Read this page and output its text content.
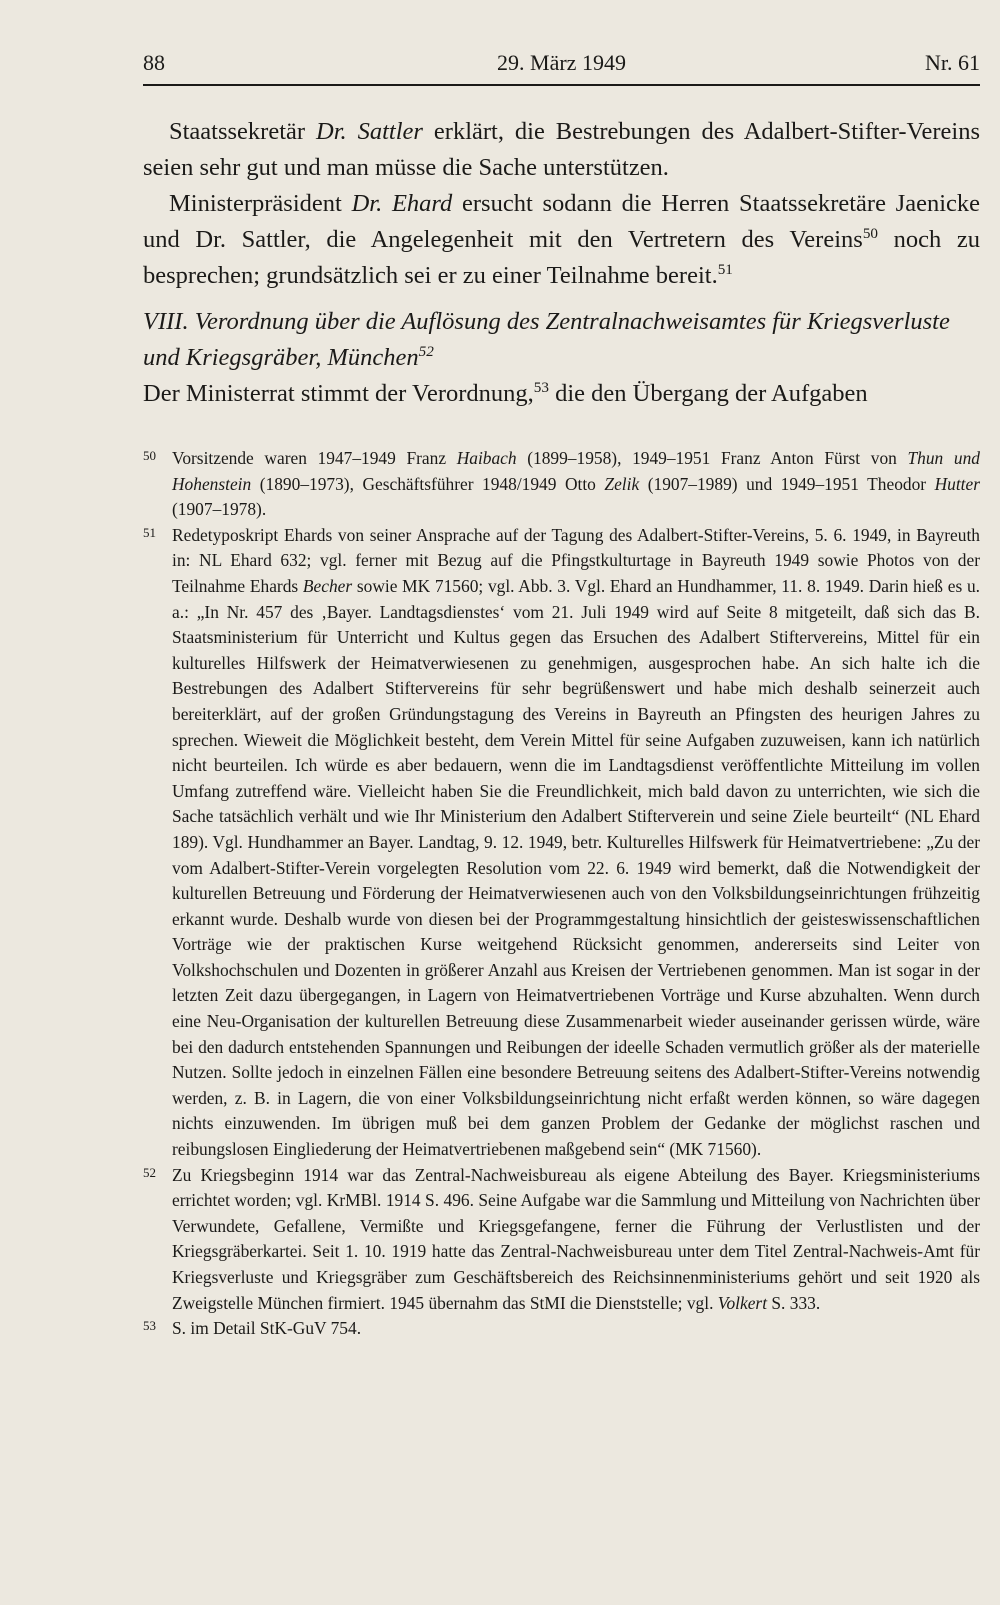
88	29. März 1949	Nr. 61

Staatssekretär Dr. Sattler erklärt, die Bestrebungen des Adalbert-Stifter-Vereins seien sehr gut und man müsse die Sache unterstützen.

Ministerpräsident Dr. Ehard ersucht sodann die Herren Staatssekretäre Jaenicke und Dr. Sattler, die Angelegenheit mit den Vertretern des Vereins$^{50}$ noch zu besprechen; grundsätzlich sei er zu einer Teilnahme bereit.$^{51}$

VIII. Verordnung über die Auflösung des Zentralnachweisamtes für Kriegsverluste und Kriegsgräber, München$^{52}$

Der Ministerrat stimmt der Verordnung,$^{53}$ die den Übergang der Aufgaben

50 Vorsitzende waren 1947–1949 Franz Haibach (1899–1958), 1949–1951 Franz Anton Fürst von Thun und Hohenstein (1890–1973), Geschäftsführer 1948/1949 Otto Zelik (1907–1989) und 1949–1951 Theodor Hutter (1907–1978).
51 Redetyposkript Ehards von seiner Ansprache auf der Tagung des Adalbert-Stifter-Vereins, 5. 6. 1949, in Bayreuth in: NL Ehard 632; vgl. ferner mit Bezug auf die Pfingstkulturtage in Bayreuth 1949 sowie Photos von der Teilnahme Ehards Becher sowie MK 71560; vgl. Abb. 3. Vgl. Ehard an Hundhammer, 11. 8. 1949. Darin hieß es u. a.: „In Nr. 457 des ‚Bayer. Landtagsdienstes‘ vom 21. Juli 1949 wird auf Seite 8 mitgeteilt, daß sich das B. Staatsministerium für Unterricht und Kultus gegen das Ersuchen des Adalbert Stiftervereins, Mittel für ein kulturelles Hilfswerk der Heimatverwiesenen zu genehmigen, ausgesprochen habe. An sich halte ich die Bestrebungen des Adalbert Stiftervereins für sehr begrüßenswert und habe mich deshalb seinerzeit auch bereiterklärt, auf der großen Gründungstagung des Vereins in Bayreuth an Pfingsten des heurigen Jahres zu sprechen. Wieweit die Möglichkeit besteht, dem Verein Mittel für seine Aufgaben zuzuweisen, kann ich natürlich nicht beurteilen. Ich würde es aber bedauern, wenn die im Landtagsdienst veröffentlichte Mitteilung im vollen Umfang zutreffend wäre. Vielleicht haben Sie die Freundlichkeit, mich bald davon zu unterrichten, wie sich die Sache tatsächlich verhält und wie Ihr Ministerium den Adalbert Stifterverein und seine Ziele beurteilt“ (NL Ehard 189). Vgl. Hundhammer an Bayer. Landtag, 9. 12. 1949, betr. Kulturelles Hilfswerk für Heimatvertriebene: „Zu der vom Adalbert-Stifter-Verein vorgelegten Resolution vom 22. 6. 1949 wird bemerkt, daß die Notwendigkeit der kulturellen Betreuung und Förderung der Heimatverwiesenen auch von den Volksbildungseinrichtungen frühzeitig erkannt wurde. Deshalb wurde von diesen bei der Programmgestaltung hinsichtlich der geisteswissenschaftlichen Vorträge wie der praktischen Kurse weitgehend Rücksicht genommen, andererseits sind Leiter von Volkshochschulen und Dozenten in größerer Anzahl aus Kreisen der Vertriebenen genommen. Man ist sogar in der letzten Zeit dazu übergegangen, in Lagern von Heimatvertriebenen Vorträge und Kurse abzuhalten. Wenn durch eine Neu-Organisation der kulturellen Betreuung diese Zusammenarbeit wieder auseinander gerissen würde, wäre bei den dadurch entstehenden Spannungen und Reibungen der ideelle Schaden vermutlich größer als der materielle Nutzen. Sollte jedoch in einzelnen Fällen eine besondere Betreuung seitens des Adalbert-Stifter-Vereins notwendig werden, z. B. in Lagern, die von einer Volksbildungseinrichtung nicht erfaßt werden können, so wäre dagegen nichts einzuwenden. Im übrigen muß bei dem ganzen Problem der Gedanke der möglichst raschen und reibungslosen Eingliederung der Heimatvertriebenen maßgebend sein“ (MK 71560).
52 Zu Kriegsbeginn 1914 war das Zentral-Nachweisbureau als eigene Abteilung des Bayer. Kriegsministeriums errichtet worden; vgl. KrMBl. 1914 S. 496. Seine Aufgabe war die Sammlung und Mitteilung von Nachrichten über Verwundete, Gefallene, Vermißte und Kriegsgefangene, ferner die Führung der Verlustlisten und der Kriegsgräberkartei. Seit 1. 10. 1919 hatte das Zentral-Nachweisbureau unter dem Titel Zentral-Nachweis-Amt für Kriegsverluste und Kriegsgräber zum Geschäftsbereich des Reichsinnenministeriums gehört und seit 1920 als Zweigstelle München firmiert. 1945 übernahm das StMI die Dienststelle; vgl. Volkert S. 333.
53 S. im Detail StK-GuV 754.
